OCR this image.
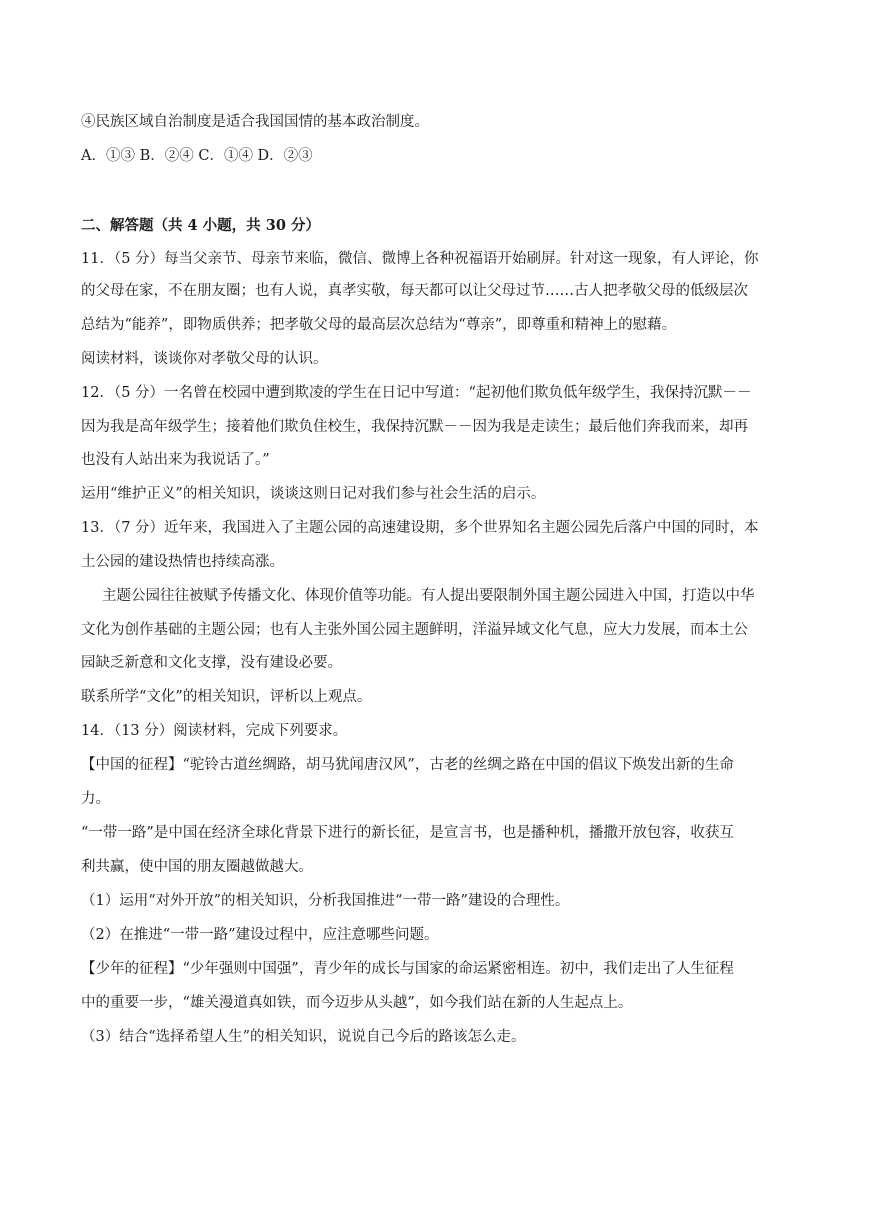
④民族区域自治制度是适合我国国情的基本政治制度。
A．①③ B．②④ C．①④ D．②③
二、解答题（共 4 小题，共 30 分）
11．（5 分）每当父亲节、母亲节来临，微信、微博上各种祝福语开始刷屏。针对这一现象，有人评论，你
的父母在家，不在朋友圈；也有人说，真孝实敬，每天都可以让父母过节……古人把孝敬父母的低级层次
总结为“能养”，即物质供养；把孝敬父母的最高层次总结为“尊亲”，即尊重和精神上的慰藉。
阅读材料，谈谈你对孝敬父母的认识。
12．（5 分）一名曾在校园中遭到欺凌的学生在日记中写道：“起初他们欺负低年级学生，我保持沉默－－
因为我是高年级学生；接着他们欺负住校生，我保持沉默－－因为我是走读生；最后他们奔我而来，却再
也没有人站出来为我说话了。”
运用“维护正义”的相关知识，谈谈这则日记对我们参与社会生活的启示。
13．（7 分）近年来，我国进入了主题公园的高速建设期，多个世界知名主题公园先后落户中国的同时，本
土公园的建设热情也持续高涨。
主题公园往往被赋予传播文化、体现价值等功能。有人提出要限制外国主题公园进入中国，打造以中华
文化为创作基础的主题公园；也有人主张外国公园主题鲜明，洋溢异域文化气息，应大力发展，而本土公
园缺乏新意和文化支撑，没有建设必要。
联系所学“文化”的相关知识，评析以上观点。
14．（13 分）阅读材料，完成下列要求。
【中国的征程】“驼铃古道丝绸路，胡马犹闻唐汉风”，古老的丝绸之路在中国的倡议下焕发出新的生命
力。
“一带一路”是中国在经济全球化背景下进行的新长征，是宣言书，也是播种机，播撒开放包容，收获互
利共赢，使中国的朋友圈越做越大。
（1）运用“对外开放”的相关知识，分析我国推进“一带一路”建设的合理性。
（2）在推进“一带一路”建设过程中，应注意哪些问题。
【少年的征程】“少年强则中国强”，青少年的成长与国家的命运紧密相连。初中，我们走出了人生征程
中的重要一步，“雄关漫道真如铁，而今迈步从头越”，如今我们站在新的人生起点上。
（3）结合“选择希望人生”的相关知识，说说自己今后的路该怎么走。
